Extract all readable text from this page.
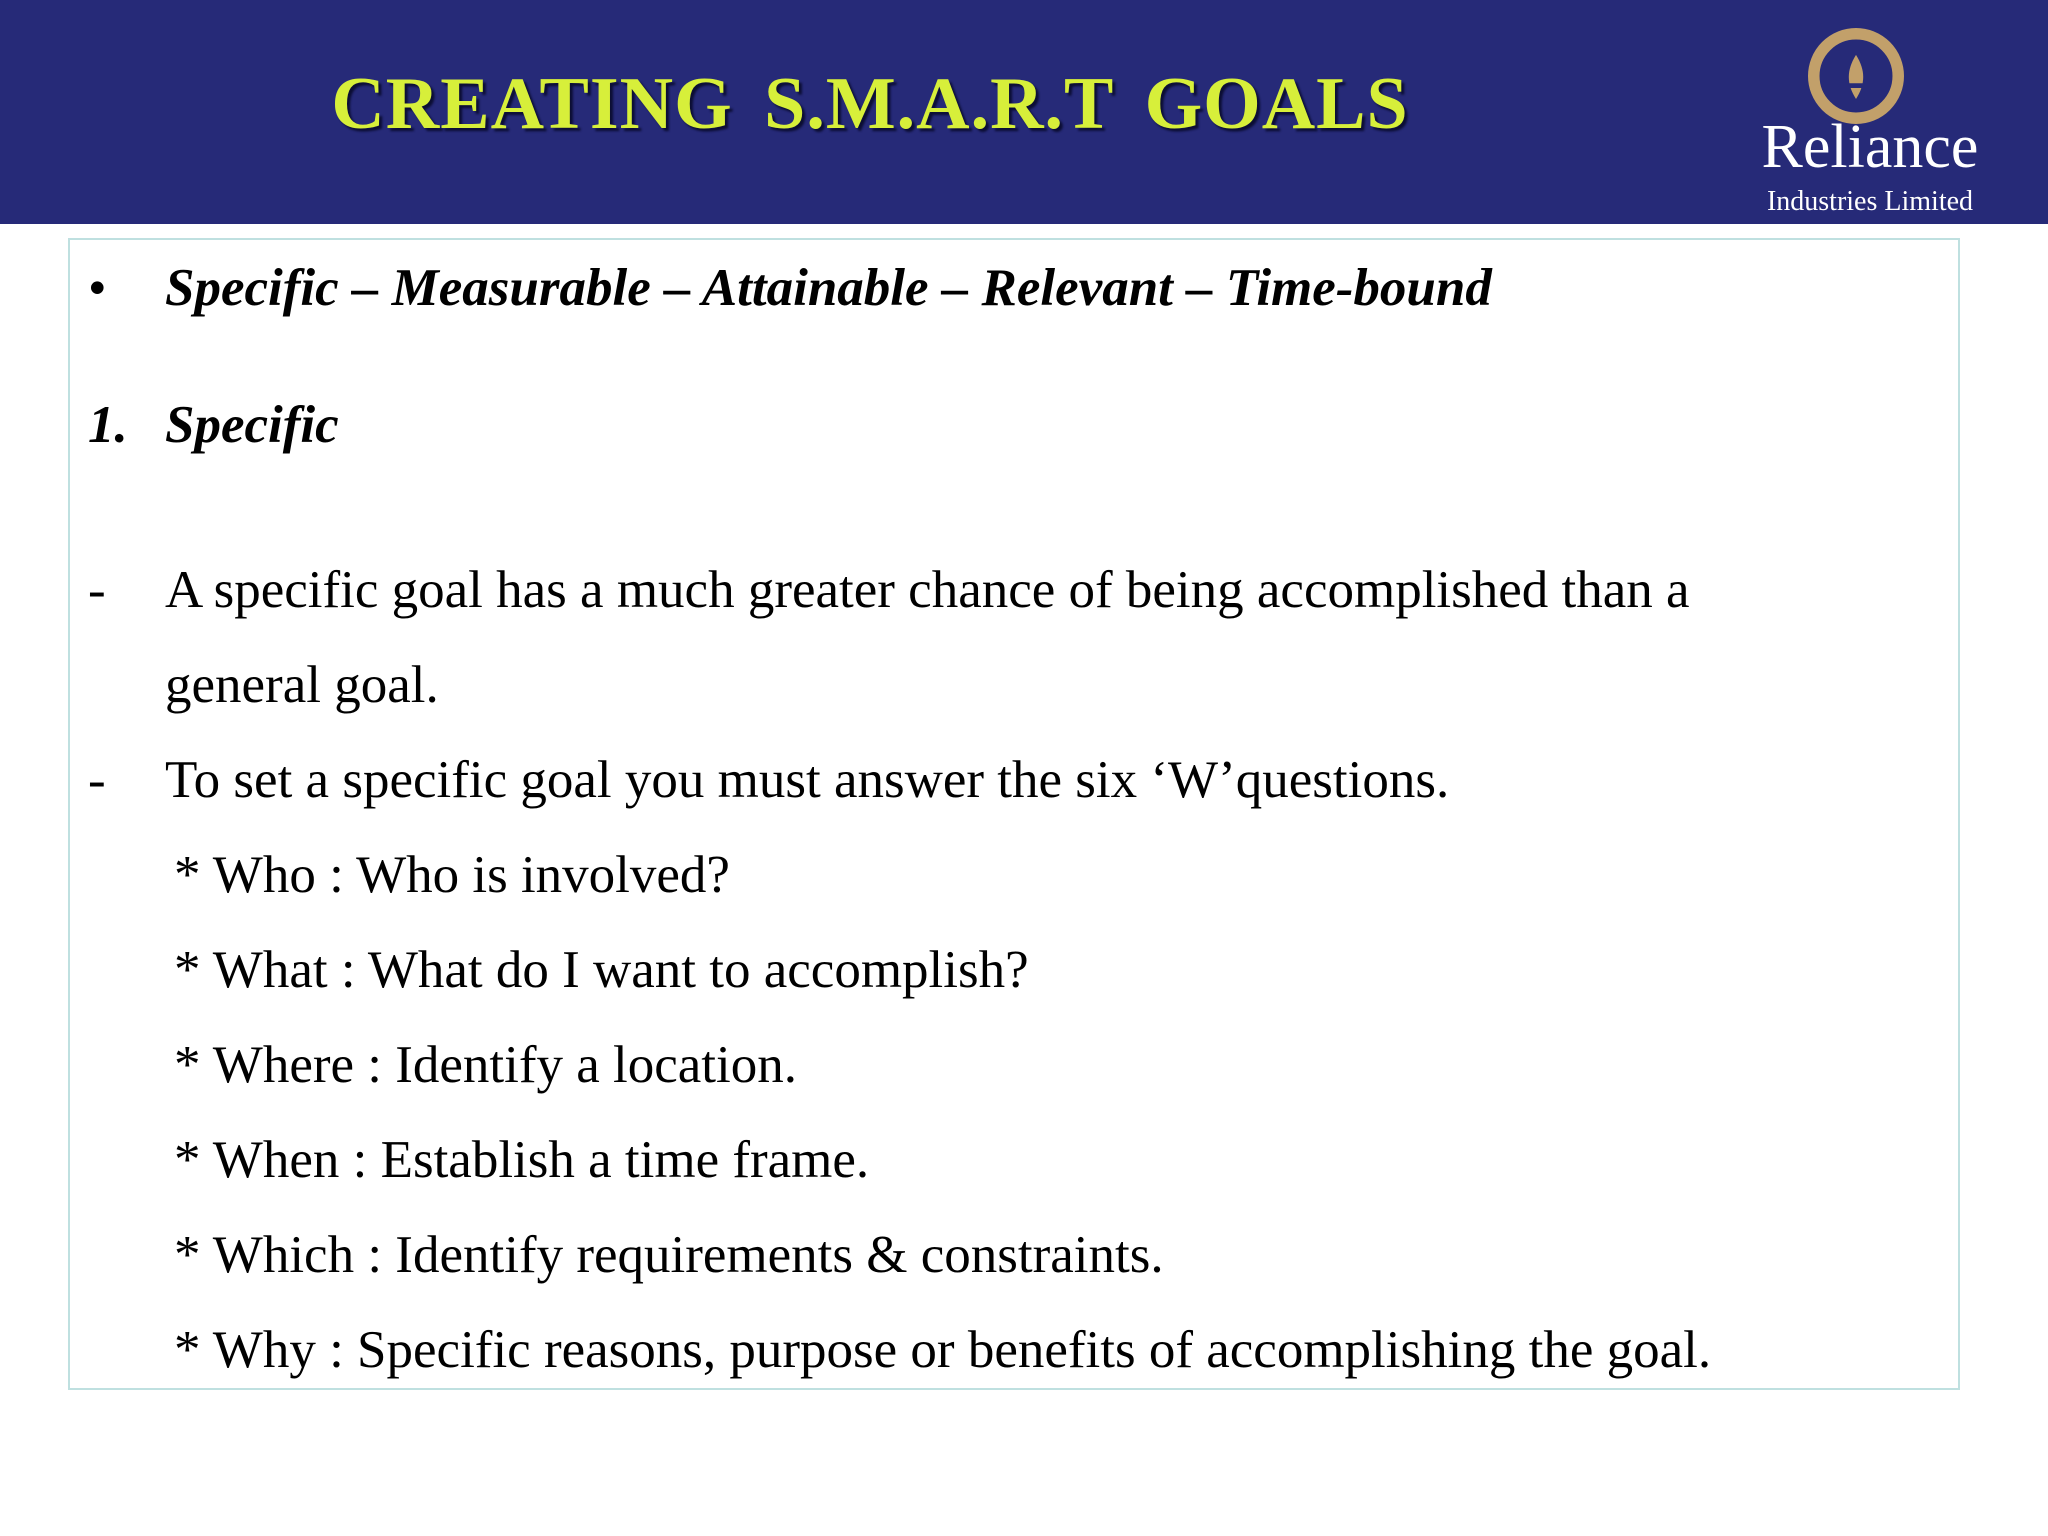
CREATING S.M.A.R.T GOALS
Reliance
Industries Limited
• Specific – Measurable – Attainable – Relevant – Time-bound
1. Specific
- A specific goal has a much greater chance of being accomplished than a
general goal.
- To set a specific goal you must answer the six ‘W’questions.
* Who : Who is involved?
* What : What do I want to accomplish?
* Where : Identify a location.
* When : Establish a time frame.
* Which : Identify requirements & constraints.
* Why : Specific reasons, purpose or benefits of accomplishing the goal.
